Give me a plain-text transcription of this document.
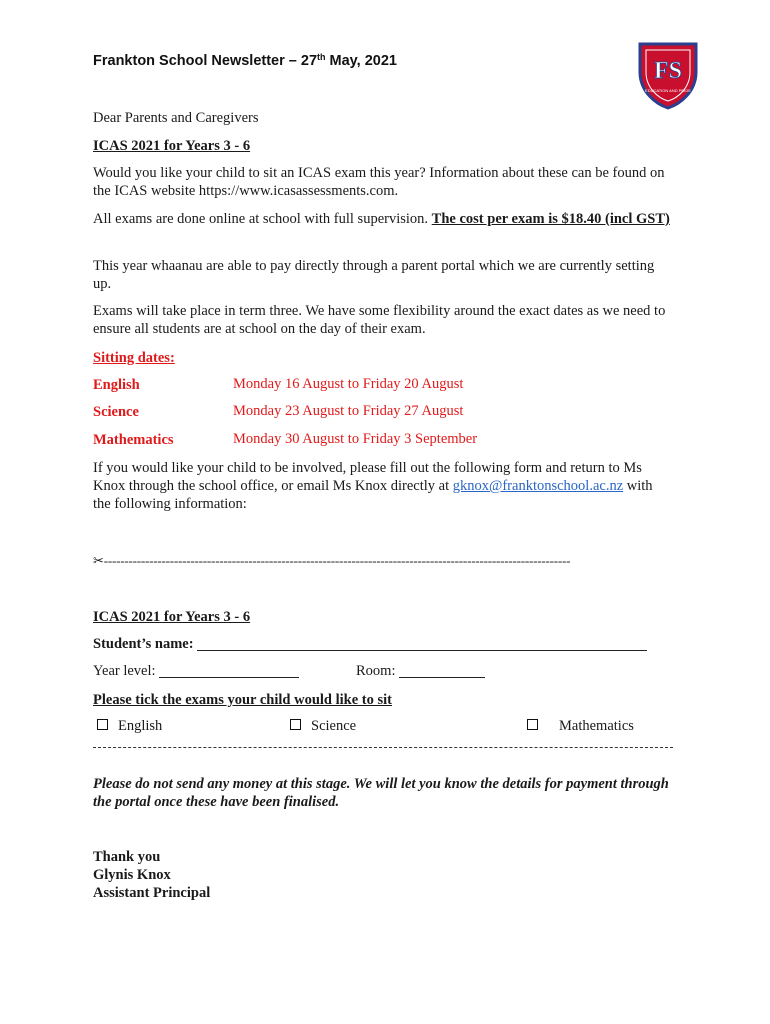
Frankton School Newsletter – 27th May, 2021	FS
EDUCATION AND PRIDE
Dear Parents and Caregivers
ICAS 2021 for Years 3 - 6
Would you like your child to sit an ICAS exam this year? Information about these can be found on the ICAS website https://www.icasassessments.com.
All exams are done online at school with full supervision. The cost per exam is $18.40 (incl GST)
This year whaanau are able to pay directly through a parent portal which we are currently setting up.
Exams will take place in term three. We have some flexibility around the exact dates as we need to ensure all students are at school on the day of their exam.
Sitting dates:
English	Monday 16 August to Friday 20 August
Science	Monday 23 August to Friday 27 August
Mathematics	Monday 30 August to Friday 3 September
If you would like your child to be involved, please fill out the following form and return to Ms Knox through the school office, or email Ms Knox directly at gknox@franktonschool.ac.nz with the following information:
✂-----------------------------------------------------------------------------------------------------------------
ICAS 2021 for Years 3 - 6
Student’s name:
Year level:	Room:
Please tick the exams your child would like to sit
English	Science	Mathematics
Please do not send any money at this stage. We will let you know the details for payment through the portal once these have been finalised.
Thank you
Glynis Knox
Assistant Principal
